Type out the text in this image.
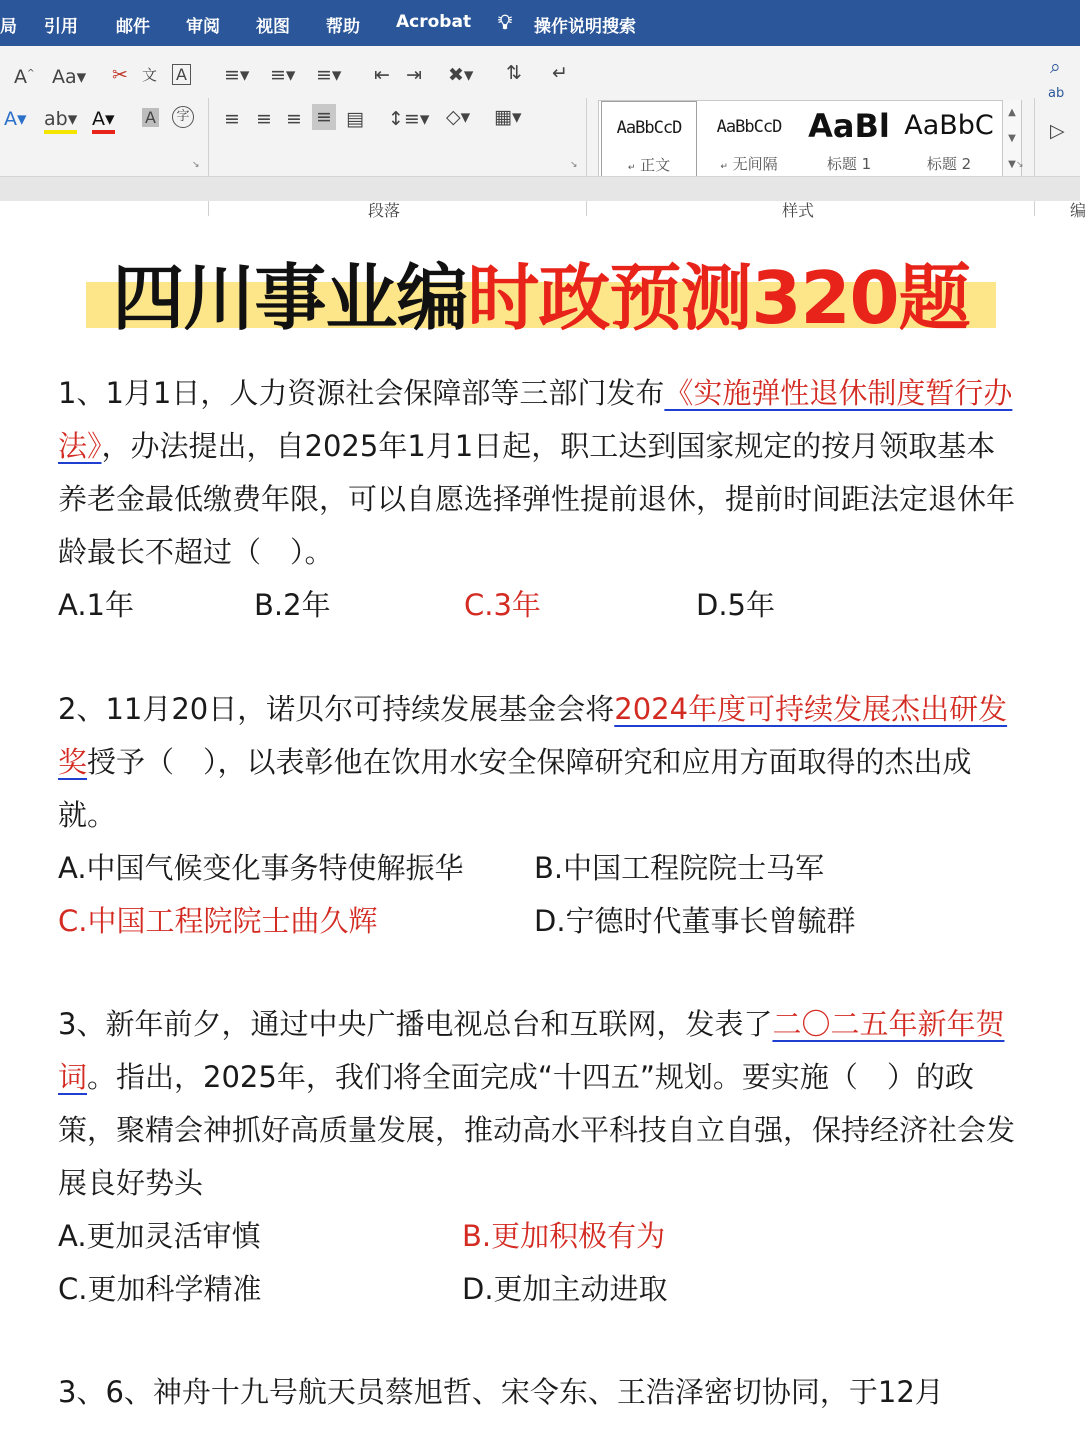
局 引用 邮件 审阅 视图 帮助 Acrobat 💡︎ 操作说明搜索
A^ Aa▾ ✂︎ 文 A
A▾ ab▾ A▾ A	字
↘
≡▾ ≡▾ ≡▾ ⇤ ⇥ ✖▾ ⇅ ↵
≡ ≡ ≡ ≡ ▤ ↕≡▾ ◇▾ ▦▾
↘
段落
AaBbCcD
↵ 正文
AaBbCcD
↵ 无间隔
AaBl
标题 1
AaBbC
标题 2
▲
▼
▼
样式
↘
⌕
ab
▷
编
四川事业编时政预测320题
1、1月1日，人力资源社会保障部等三部门发布《实施弹性退休制度暂行办法》，办法提出，自2025年1月1日起，职工达到国家规定的按月领取基本养老金最低缴费年限，可以自愿选择弹性提前退休，提前时间距法定退休年龄最长不超过（　）。
A.1年	B.2年	C.3年	D.5年
2、11月20日，诺贝尔可持续发展基金会将2024年度可持续发展杰出研发奖授予（　），以表彰他在饮用水安全保障研究和应用方面取得的杰出成就。
A.中国气候变化事务特使解振华 B.中国工程院院士马军
C.中国工程院院士曲久辉	D.宁德时代董事长曾毓群
3、新年前夕，通过中央广播电视总台和互联网，发表了二〇二五年新年贺词。指出，2025年，我们将全面完成“十四五”规划。要实施（　）的政策，聚精会神抓好高质量发展，推动高水平科技自立自强，保持经济社会发展良好势头
A.更加灵活审慎	B.更加积极有为
C.更加科学精准	D.更加主动进取
3、6、神舟十九号航天员蔡旭哲、宋令东、王浩泽密切协同，于12月
